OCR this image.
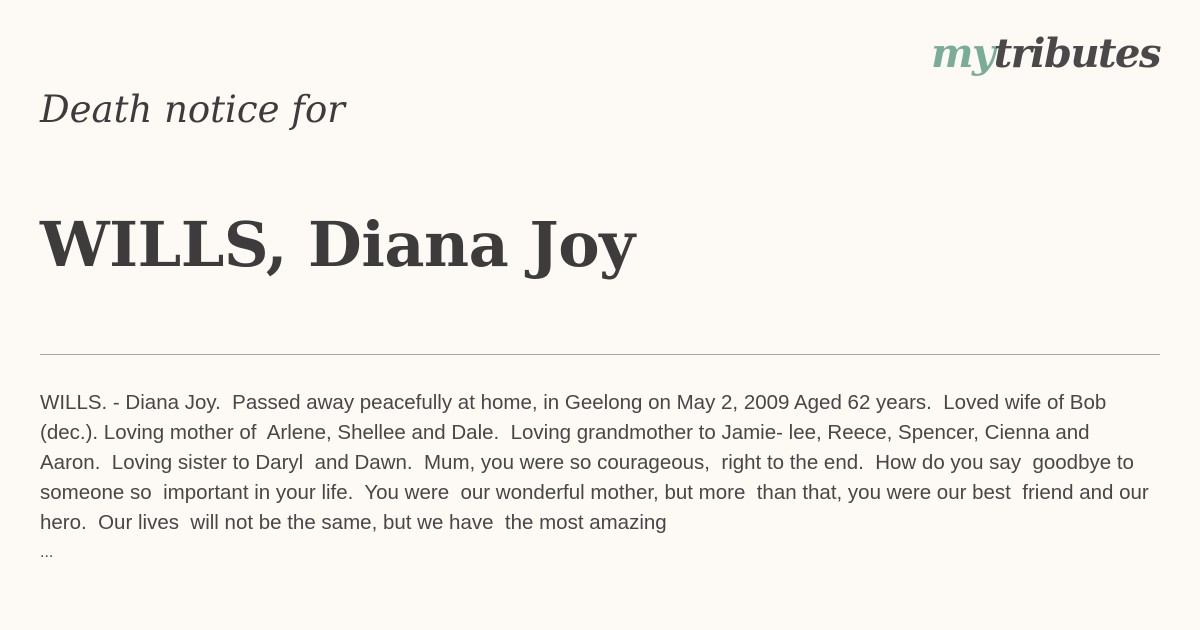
mytributes
Death notice for
WILLS, Diana Joy
WILLS. - Diana Joy.  Passed away peacefully at home, in Geelong on May 2, 2009 Aged 62 years.  Loved wife of Bob (dec.). Loving mother of  Arlene, Shellee and Dale.  Loving grandmother to Jamie- lee, Reece, Spencer, Cienna and  Aaron.  Loving sister to Daryl  and Dawn.  Mum, you were so courageous,  right to the end.  How do you say  goodbye to someone so  important in your life.  You were  our wonderful mother, but more  than that, you were our best  friend and our hero.  Our lives  will not be the same, but we have  the most amazing
...
